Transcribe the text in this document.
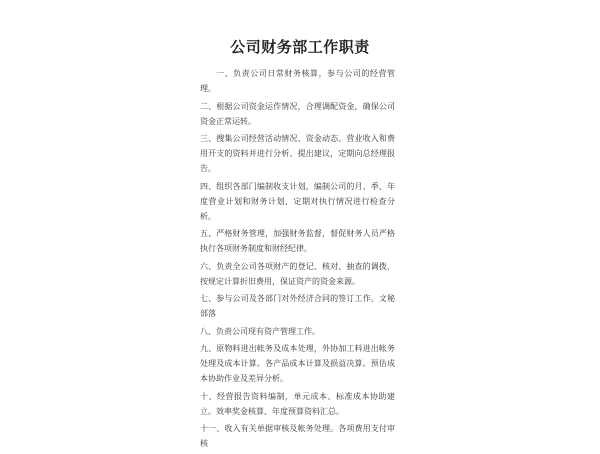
公司财务部工作职责

一、负责公司日常财务核算，参与公司的经营管理。

二、根据公司资金运作情况，合理调配资金，确保公司资金正常运转。

三、搜集公司经营活动情况、资金动态、营业收入和费用开支的资料并进行分析、提出建议，定期向总经理报告。

四、组织各部门编制收支计划，编制公司的月、季、年度营业计划和财务计划，定期对执行情况进行检查分析。

五、严格财务管理，加强财务监督，督促财务人员严格执行各项财务制度和财经纪律。

六、负责全公司各项财产的登记、核对、抽查的调拨，按规定计算折旧费用，保证资产的资金来源。

七、参与公司及各部门对外经济合同的签订工作。文秘部落

八、负责公司现有资产管理工作。

九、原物料进出帐务及成本处理，外协加工料进出帐务处理及成本计算。各产品成本计算及损益决算。预估成本协助作业及差异分析。

十、经营报告资料编制，单元成本、标准成本协助建立。效率奖金核算、年度预算资料汇总。

十一、收入有关单据审核及帐务处理。各项费用支付审核
